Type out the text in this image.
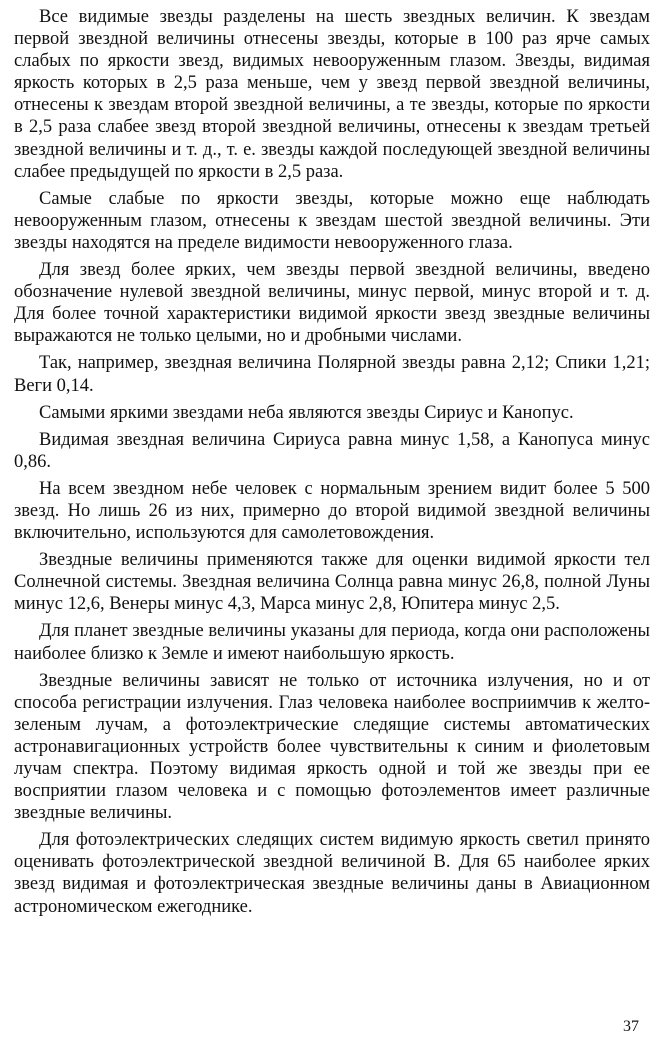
Все видимые звезды разделены на шесть звездных величин. К звездам первой звездной величины отнесены звезды, которые в 100 раз ярче самых слабых по яркости звезд, видимых невооруженным глазом. Звезды, видимая яркость которых в 2,5 раза меньше, чем у звезд первой звездной величины, отнесены к звездам второй звездной величины, а те звезды, которые по яркости в 2,5 раза слабее звезд второй звездной величины, отнесены к звездам третьей звездной величины и т. д., т. е. звезды каждой последующей звездной величины слабее предыдущей по яркости в 2,5 раза.

Самые слабые по яркости звезды, которые можно еще наблюдать невооруженным глазом, отнесены к звездам шестой звездной величины. Эти звезды находятся на пределе видимости невооруженного глаза.

Для звезд более ярких, чем звезды первой звездной величины, введено обозначение нулевой звездной величины, минус первой, минус второй и т. д. Для более точной характеристики видимой яркости звезд звездные величины выражаются не только целыми, но и дробными числами.

Так, например, звездная величина Полярной звезды равна 2,12; Спики 1,21; Веги 0,14.

Самыми яркими звездами неба являются звезды Сириус и Канопус.

Видимая звездная величина Сириуса равна минус 1,58, а Канопуса минус 0,86.

На всем звездном небе человек с нормальным зрением видит более 5 500 звезд. Но лишь 26 из них, примерно до второй видимой звездной величины включительно, используются для самолетовождения.

Звездные величины применяются также для оценки видимой яркости тел Солнечной системы. Звездная величина Солнца равна минус 26,8, полной Луны минус 12,6, Венеры минус 4,3, Марса минус 2,8, Юпитера минус 2,5.

Для планет звездные величины указаны для периода, когда они расположены наиболее близко к Земле и имеют наибольшую яркость.

Звездные величины зависят не только от источника излучения, но и от способа регистрации излучения. Глаз человека наиболее восприимчив к желто-зеленым лучам, а фотоэлектрические следящие системы автоматических астронавигационных устройств более чувствительны к синим и фиолетовым лучам спектра. Поэтому видимая яркость одной и той же звезды при ее восприятии глазом человека и с помощью фотоэлементов имеет различные звездные величины.

Для фотоэлектрических следящих систем видимую яркость светил принято оценивать фотоэлектрической звездной величиной B. Для 65 наиболее ярких звезд видимая и фотоэлектрическая звездные величины даны в Авиационном астрономическом ежегоднике.

37
